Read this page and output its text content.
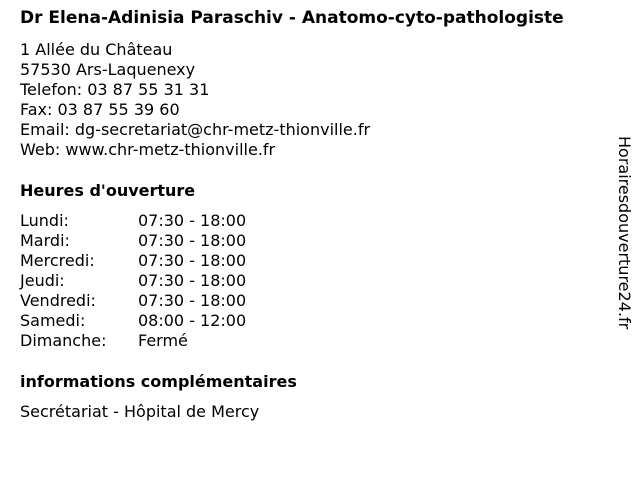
Dr Elena-Adinisia Paraschiv - Anatomo-cyto-pathologiste
1 Allée du Château
57530 Ars-Laquenexy
Telefon: 03 87 55 31 31
Fax: 03 87 55 39 60
Email: dg-secretariat@chr-metz-thionville.fr
Web: www.chr-metz-thionville.fr
Heures d'ouverture
Lundi:	07:30 - 18:00
Mardi:	07:30 - 18:00
Mercredi:	07:30 - 18:00
Jeudi:	07:30 - 18:00
Vendredi:	07:30 - 18:00
Samedi:	08:00 - 12:00
Dimanche:	Fermé
informations complémentaires
Secrétariat - Hôpital de Mercy
Horairesdouverture24.fr
